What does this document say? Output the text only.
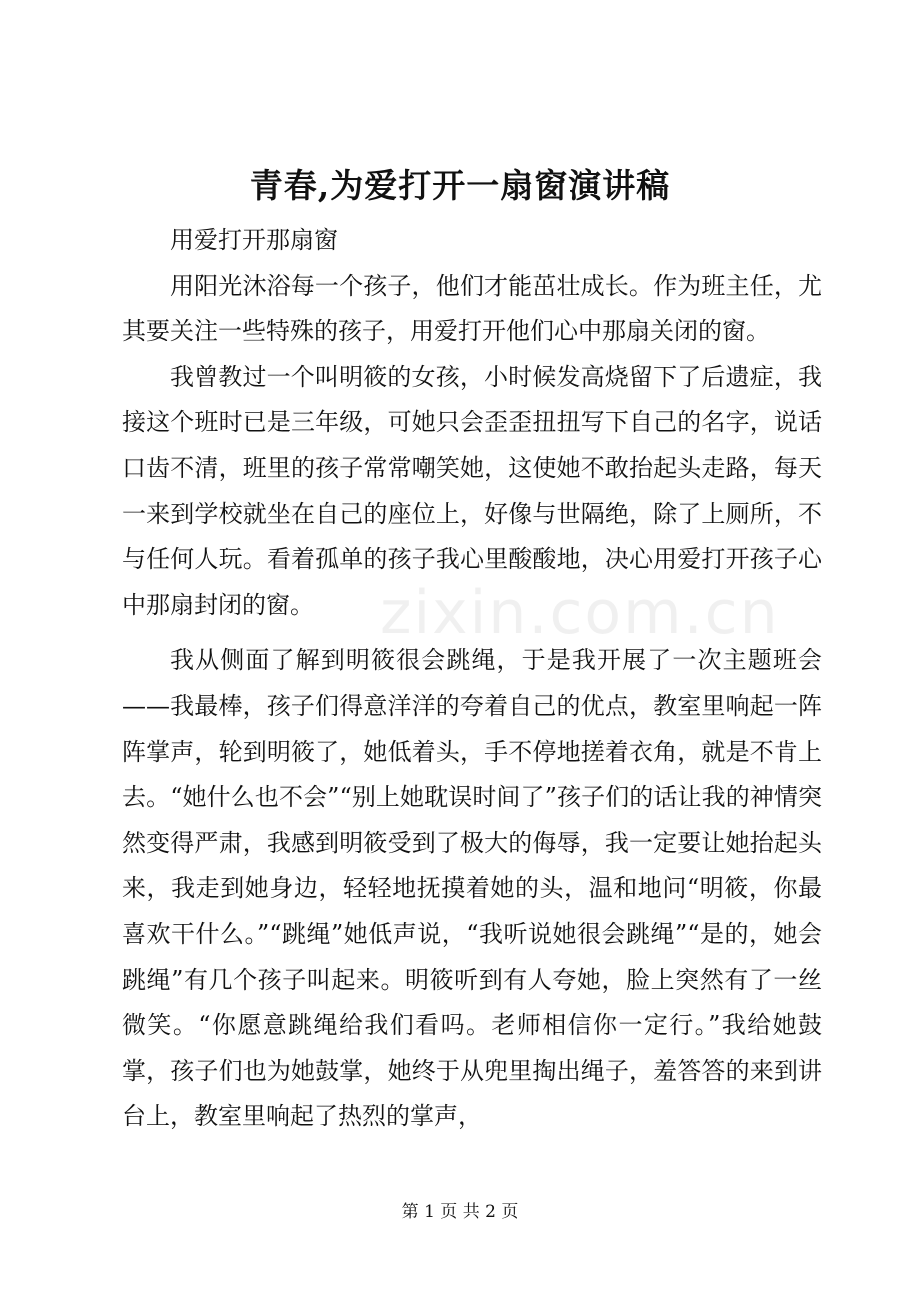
青春,为爱打开一扇窗演讲稿

用爱打开那扇窗

用阳光沐浴每一个孩子，他们才能茁壮成长。作为班主任，尤其要关注一些特殊的孩子，用爱打开他们心中那扇关闭的窗。

我曾教过一个叫明筱的女孩，小时候发高烧留下了后遗症，我接这个班时已是三年级，可她只会歪歪扭扭写下自己的名字，说话口齿不清，班里的孩子常常嘲笑她，这使她不敢抬起头走路，每天一来到学校就坐在自己的座位上，好像与世隔绝，除了上厕所，不与任何人玩。看着孤单的孩子我心里酸酸地，决心用爱打开孩子心中那扇封闭的窗。

我从侧面了解到明筱很会跳绳，于是我开展了一次主题班会——我最棒，孩子们得意洋洋的夸着自己的优点，教室里响起一阵阵掌声，轮到明筱了，她低着头，手不停地搓着衣角，就是不肯上去。“她什么也不会”“别上她耽误时间了”孩子们的话让我的神情突然变得严肃，我感到明筱受到了极大的侮辱，我一定要让她抬起头来，我走到她身边，轻轻地抚摸着她的头，温和地问“明筱，你最喜欢干什么。”“跳绳”她低声说，“我听说她很会跳绳”“是的，她会跳绳”有几个孩子叫起来。明筱听到有人夸她，脸上突然有了一丝微笑。“你愿意跳绳给我们看吗。老师相信你一定行。”我给她鼓掌，孩子们也为她鼓掌，她终于从兜里掏出绳子，羞答答的来到讲台上，教室里响起了热烈的掌声，

zixin.com.cn
第 1 页 共 2 页
